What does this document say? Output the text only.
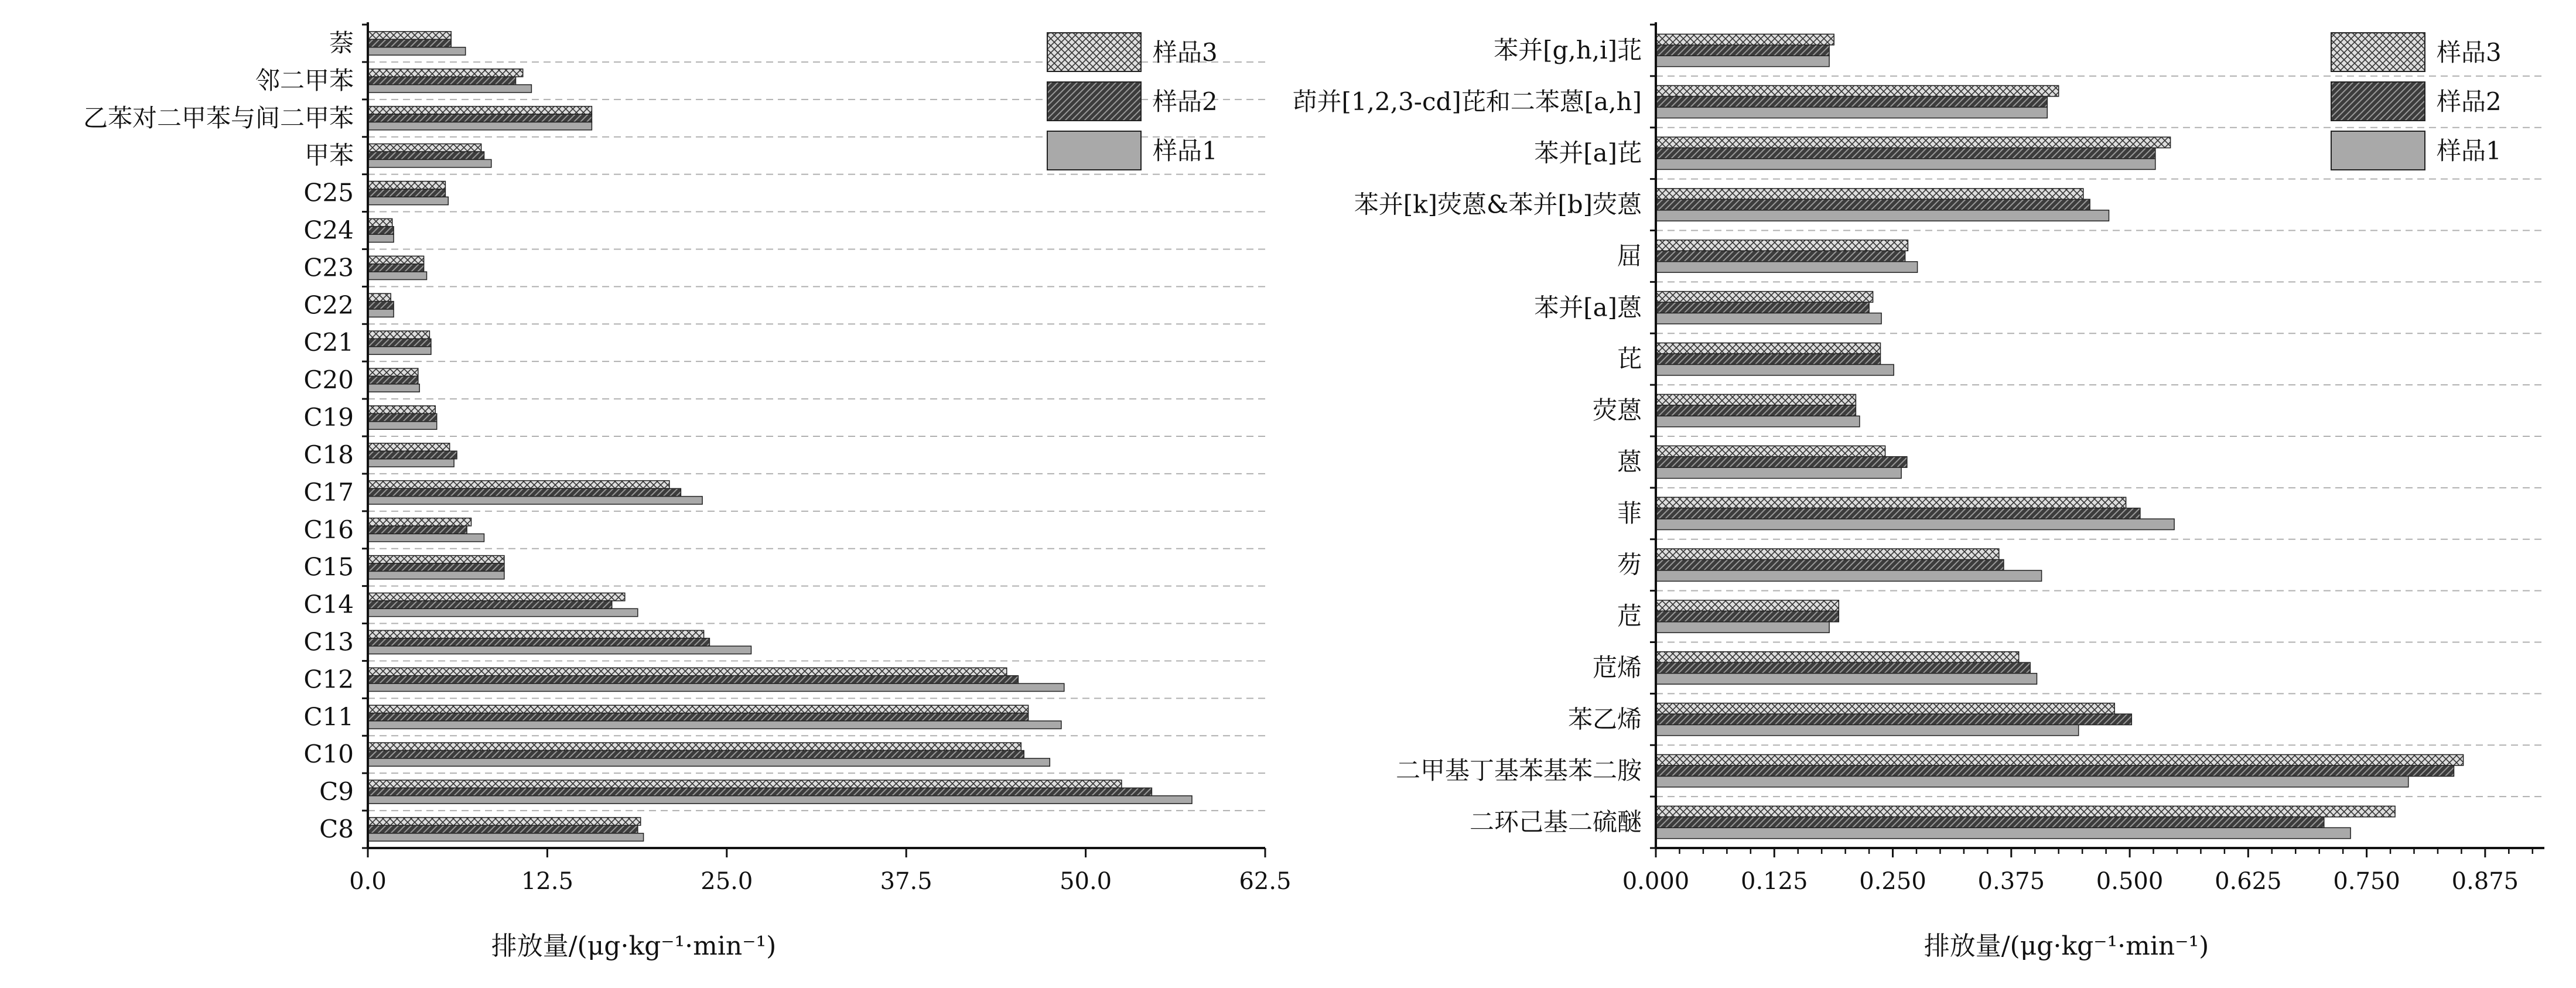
萘
邻二甲苯
乙苯对二甲苯与间二甲苯
甲苯
C25
C24
C23
C22
C21
C20
C19
C18
C17
C16
C15
C14
C13
C12
C11
C10
C9
C8
0.0	12.5	25.0	37.5	50.0	62.5
排放量/(μg·kg⁻¹·min⁻¹)
样品3
样品2
样品1
苯并[g,h,i]苝
茚并[1,2,3-cd]芘和二苯蒽[a,h]
苯并[a]芘
苯并[k]荧蒽&苯并[b]荧蒽
屈
苯并[a]蒽
芘
荧蒽
蒽
菲
芴
苊
苊烯
苯乙烯
二甲基丁基苯基苯二胺
二环己基二硫醚
0.000 0.125 0.250 0.375 0.500 0.625 0.750 0.875
排放量/(μg·kg⁻¹·min⁻¹)
样品3
样品2
样品1
